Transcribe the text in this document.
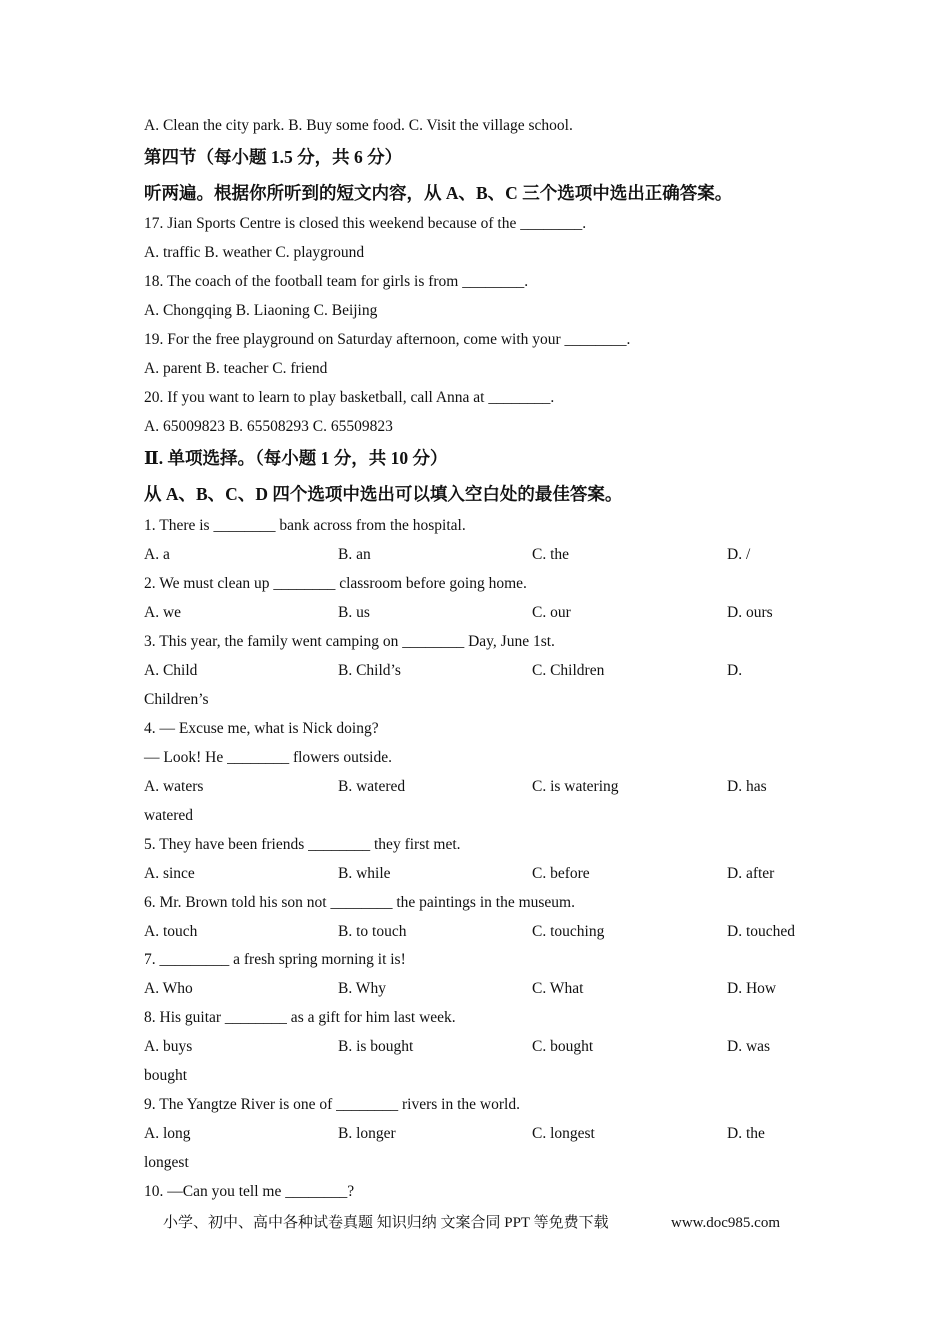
A. Clean the city park. B. Buy some food. C. Visit the village school.
第四节（每小题 1.5 分，共 6 分）
听两遍。根据你所听到的短文内容，从 A、B、C 三个选项中选出正确答案。
17. Jian Sports Centre is closed this weekend because of the ________.
A. traffic B. weather C. playground
18. The coach of the football team for girls is from ________.
A. Chongqing B. Liaoning C. Beijing
19. For the free playground on Saturday afternoon, come with your ________.
A. parent B. teacher C. friend
20. If you want to learn to play basketball, call Anna at ________.
A. 65009823 B. 65508293 C. 65509823
Ⅱ. 单项选择。（每小题 1 分，共 10 分）
从 A、B、C、D 四个选项中选出可以填入空白处的最佳答案。
1. There is ________ bank across from the hospital.
A. a	B. an	C. the	D. /
2. We must clean up ________ classroom before going home.
A. we	B. us	C. our	D. ours
3. This year, the family went camping on ________ Day, June 1st.
A. Child	B. Child’s	C. Children	D.
Children’s
4. — Excuse me, what is Nick doing?
— Look! He ________ flowers outside.
A. waters	B. watered	C. is watering	D. has
watered
5. They have been friends ________ they first met.
A. since	B. while	C. before	D. after
6. Mr. Brown told his son not ________ the paintings in the museum.
A. touch	B. to touch	C. touching	D. touched
7. _________ a fresh spring morning it is!
A. Who	B. Why	C. What	D. How
8. His guitar ________ as a gift for him last week.
A. buys	B. is bought	C. bought	D. was
bought
9. The Yangtze River is one of ________ rivers in the world.
A. long	B. longer	C. longest	D. the
longest
10. —Can you tell me ________?
小学、初中、高中各种试卷真题 知识归纳 文案合同 PPT 等免费下载	www.doc985.com
